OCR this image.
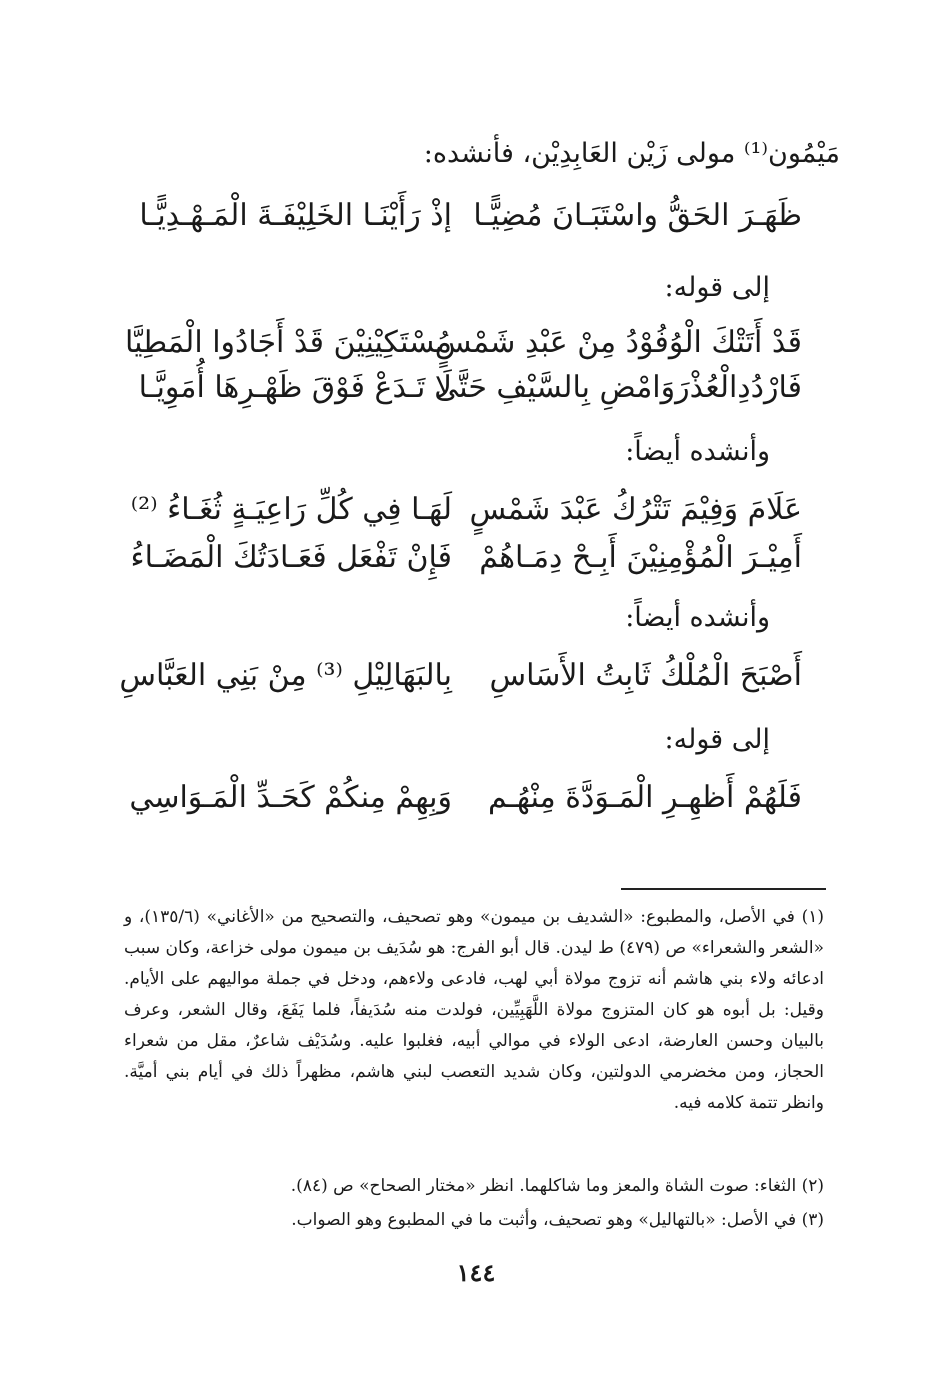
مَيْمُون⁽¹⁾ مولى زَيْن العَابِدِيْن، فأنشده:
ظَهَـرَ الحَقُّ واسْتَبَـانَ مُضِيًّـا
إذْ رَأَيْنَـا الخَلِيْفَـةَ الْمَـهْـدِيًّـا
إلى قوله:
قَدْ أَتَتْكَ الْوُفُوْدُ مِنْ عَبْدِ شَمْسٍ
مُسْتَكِيْنِيْنَ قَدْ أَجَادُوا الْمَطِيَّا
فَارْدُدِالْعُذْرَوَامْضِ بِالسَّيْفِ حَتَّى
لَا تَـدَعْ فَوْقَ ظَهْـرِهَا أُمَوِيَّـا
وأنشده أيضاً:
عَلَامَ وَفِيْمَ تَتْرُكُ عَبْدَ شَمْسٍ
لَهَـا فِي كُلِّ رَاعِيَـةٍ ثُغَـاءُ ⁽²⁾
أَمِيْـرَ الْمُؤْمِنِيْنَ أَبِـحْ دِمَـاهُمْ
فَإِنْ تَفْعَل فَعَـادَتُكَ الْمَضَـاءُ
وأنشده أيضاً:
أَصْبَحَ الْمُلْكُ ثَابِتُ الأَسَاسِ
بِالبَهَالِيْلِ ⁽³⁾ مِنْ بَنِي العَبَّاسِ
إلى قوله:
فَلَهُمْ أَظهِـرِ الْمَـوَدَّةَ مِنْهُـم
وَبِهِمْ مِنكُمْ كَحَـدِّ الْمَـوَاسِي
(١) في الأصل، والمطبوع: «الشديف بن ميمون» وهو تصحيف، والتصحيح من «الأغاني» (١٣٥/٦)، و «الشعر والشعراء» ص (٤٧٩) ط ليدن. قال أبو الفرج: هو سُدَيف بن ميمون مولى خزاعة، وكان سبب ادعائه ولاء بني هاشم أنه تزوج مولاة أبي لهب، فادعى ولاءهم، ودخل في جملة مواليهم على الأيام. وقيل: بل أبوه هو كان المتزوج مولاة اللَّهَبِيِّين، فولدت منه سُدَيفاً، فلما يَفَعَ، وقال الشعر، وعرف بالبيان وحسن العارضة، ادعى الولاء في موالي أبيه، فغلبوا عليه. وسُدَيْف شاعرٌ، مقل من شعراء الحجاز، ومن مخضرمي الدولتين، وكان شديد التعصب لبني هاشم، مظهراً ذلك في أيام بني أميَّة. وانظر تتمة كلامه فيه.
(٢) الثغاء: صوت الشاة والمعز وما شاكلهما. انظر «مختار الصحاح» ص (٨٤).
(٣) في الأصل: «بالتهاليل» وهو تصحيف، وأثبت ما في المطبوع وهو الصواب.
١٤٤
